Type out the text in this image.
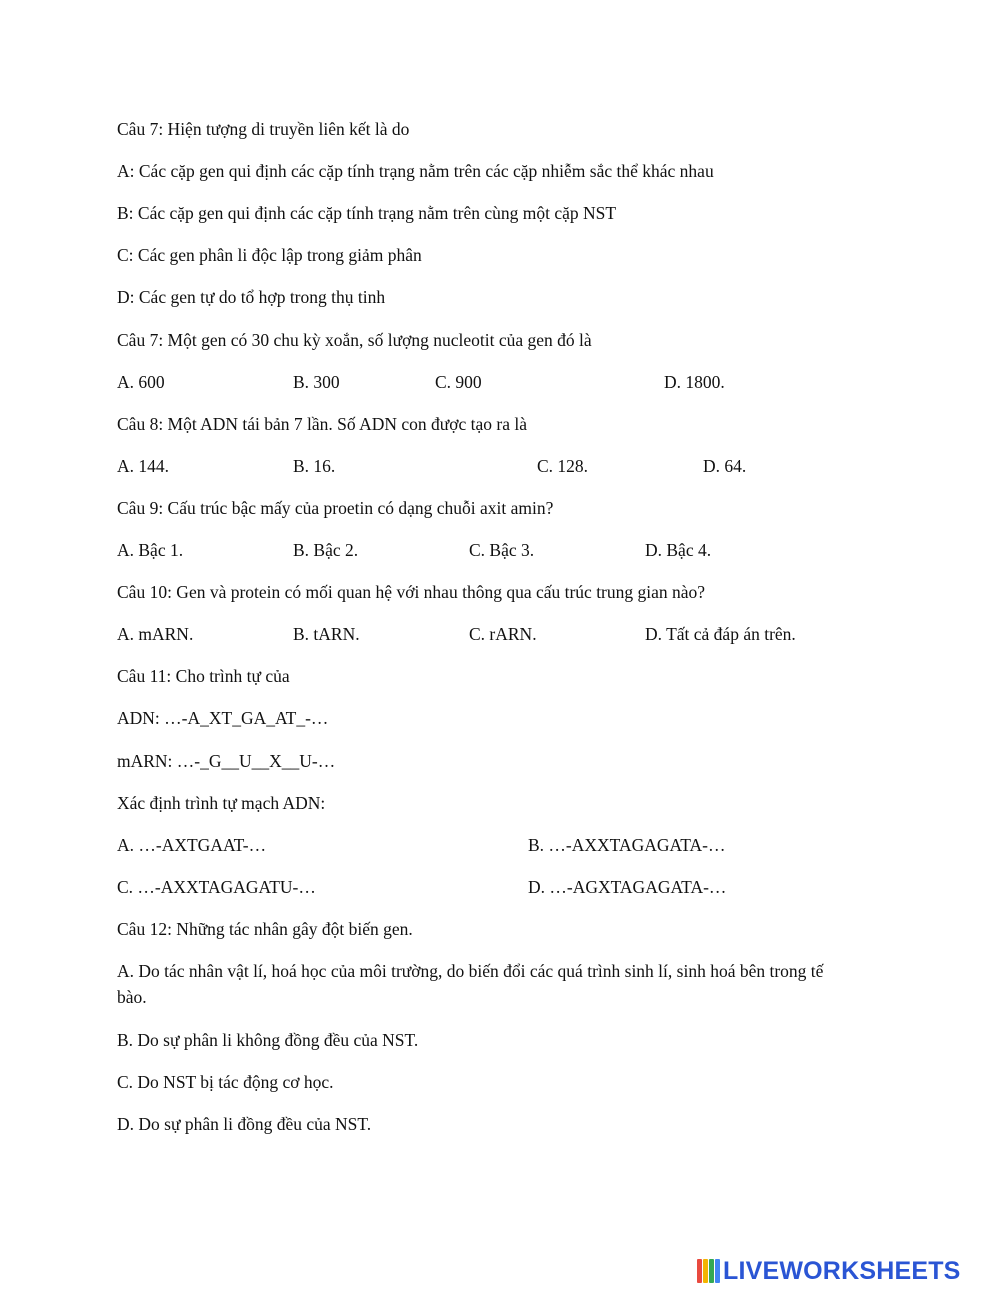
Câu 7: Hiện tượng di truyền liên kết là do

A: Các cặp gen qui định các cặp tính trạng nằm trên các cặp nhiễm sắc thể khác nhau

B: Các cặp gen qui định các cặp tính trạng nằm trên cùng một cặp NST

C: Các gen phân li độc lập trong giảm phân

D: Các gen tự do tổ hợp trong thụ tinh

Câu 7: Một gen có 30 chu kỳ xoắn, số lượng nucleotit của gen đó là

A. 600	B. 300	C. 900	D. 1800.

Câu 8: Một ADN tái bản 7 lần. Số ADN con được tạo ra là

A. 144.	B. 16.	C. 128.	D. 64.

Câu 9: Cấu trúc bậc mấy của proetin có dạng chuỗi axit amin?

A. Bậc 1.	B. Bậc 2.	C. Bậc 3.	D. Bậc 4.

Câu 10: Gen và protein có mối quan hệ với nhau thông qua cấu trúc trung gian nào?

A. mARN.	B. tARN.	C. rARN.	D. Tất cả đáp án trên.

Câu 11: Cho trình tự của

ADN: …-A_XT_GA_AT_-…

mARN: …-_G__U__X__U-…

Xác định trình tự mạch ADN:

A. …-AXTGAAT-…	B. …-AXXTAGAGATA-…
C. …-AXXTAGAGATU-…	D. …-AGXTAGAGATA-…

Câu 12: Những tác nhân gây đột biến gen.

A. Do tác nhân vật lí, hoá học của môi trường, do biến đổi các quá trình sinh lí, sinh hoá bên trong tế bào.

B. Do sự phân li không đồng đều của NST.

C. Do NST bị tác động cơ học.

D. Do sự phân li đồng đều của NST.

LIVEWORKSHEETS
